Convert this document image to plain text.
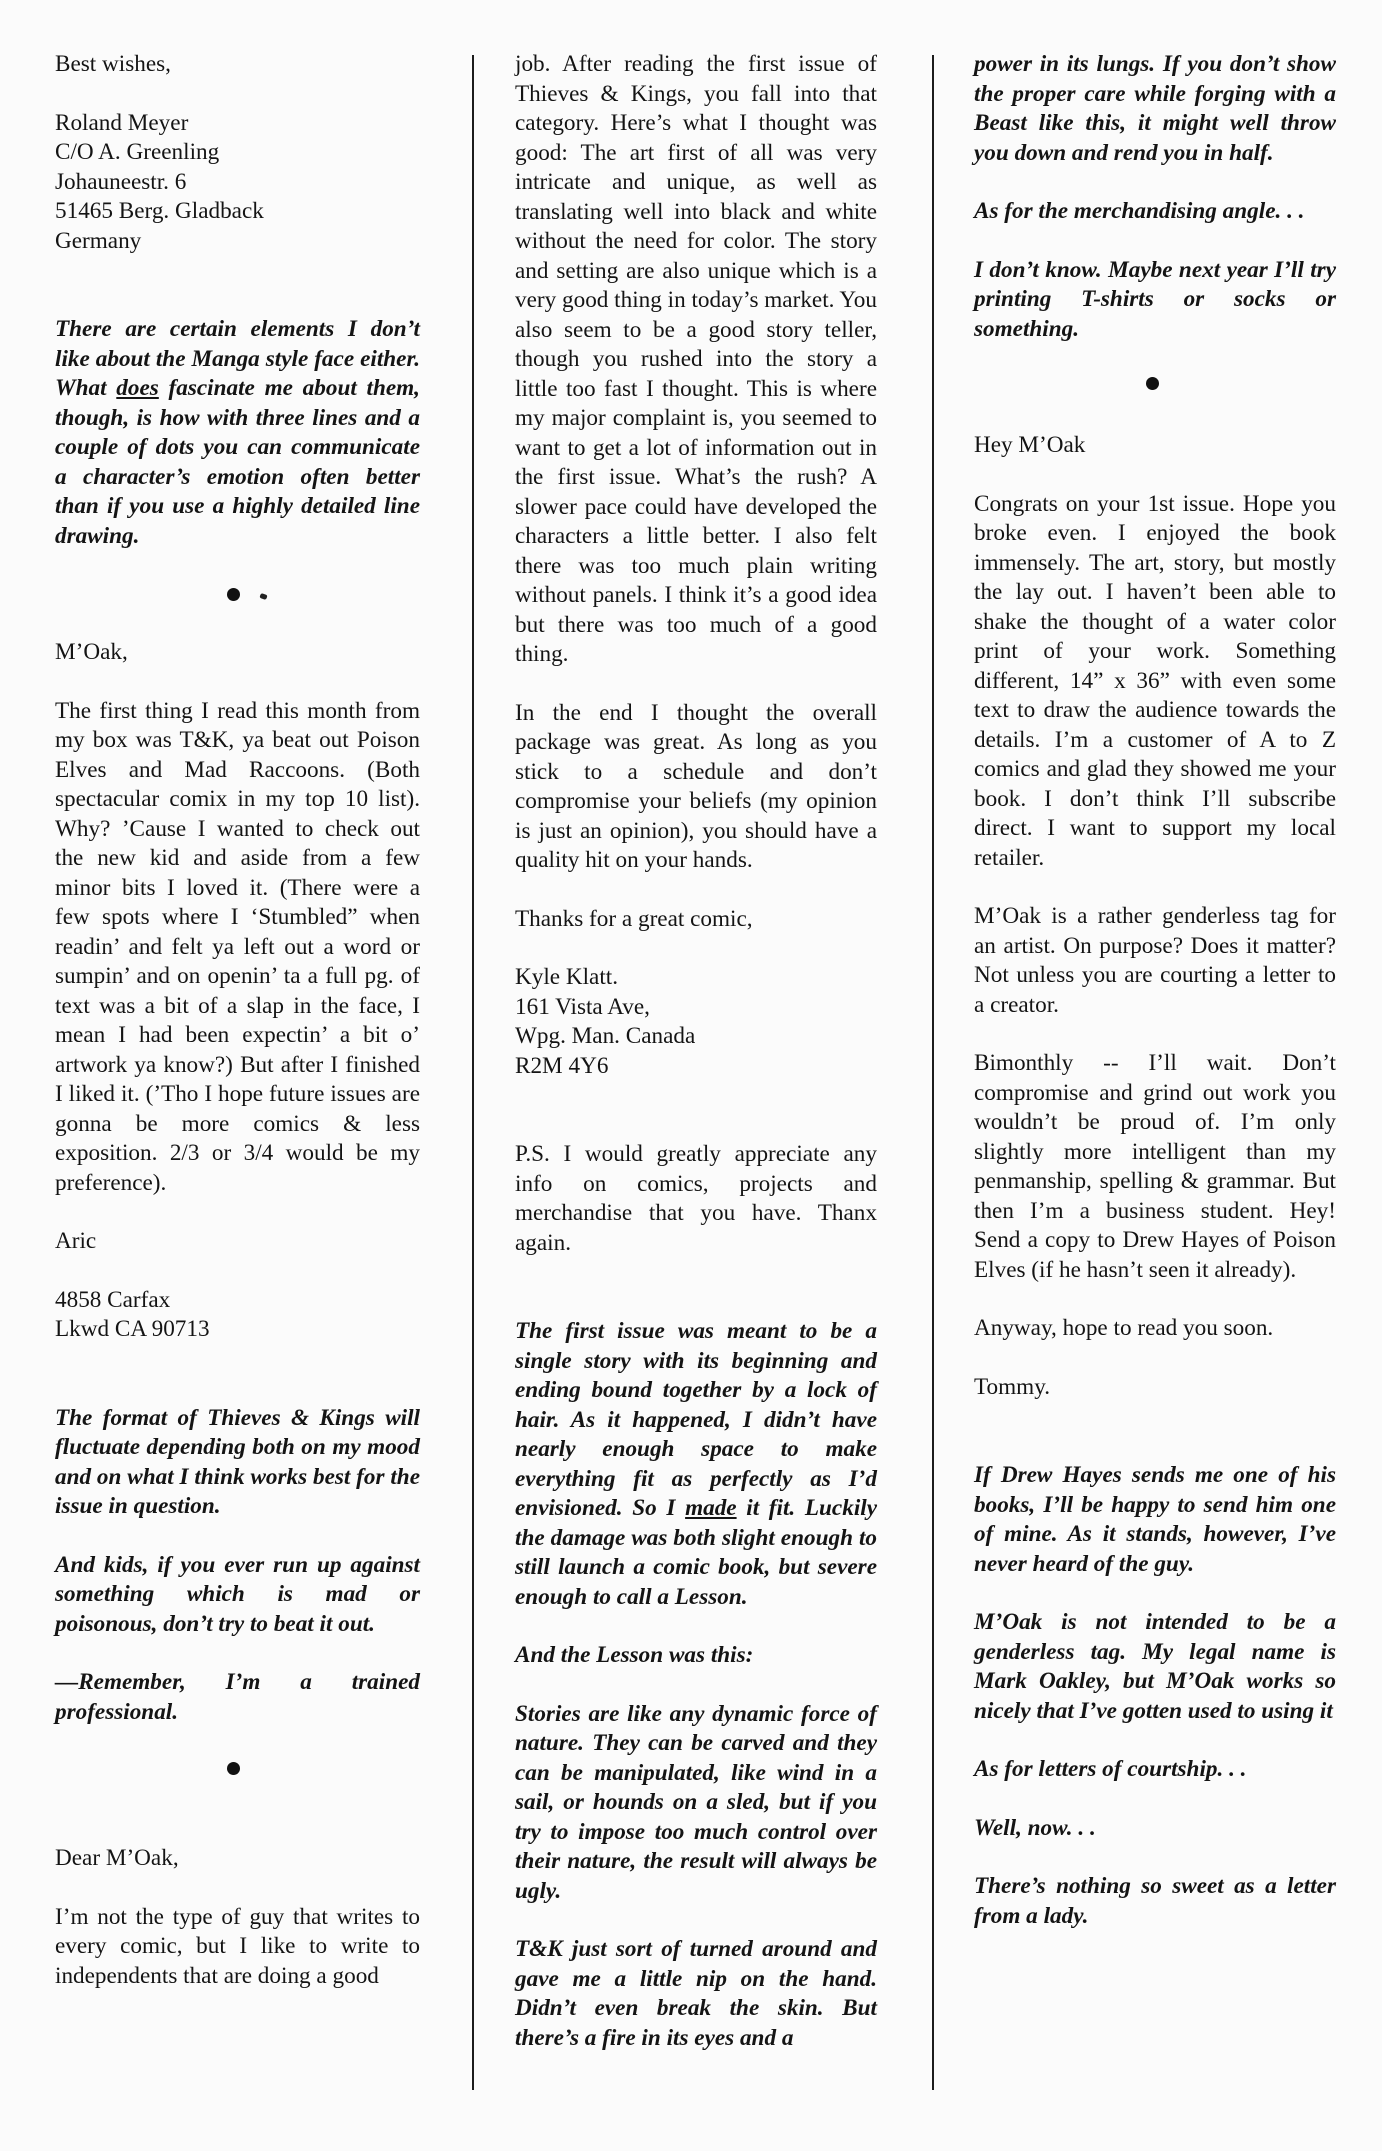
Best wishes,

Roland Meyer
C/O A. Greenling
Johauneestr. 6
51465 Berg. Gladback
Germany

There are certain elements I don’t like about the Manga style face either. What does fascinate me about them, though, is how with three lines and a couple of dots you can communicate a character’s emotion often better than if you use a highly detailed line drawing.

M’Oak,

The first thing I read this month from my box was T&K, ya beat out Poison Elves and Mad Raccoons. (Both spectacular comix in my top 10 list). Why? ’Cause I wanted to check out the new kid and aside from a few minor bits I loved it. (There were a few spots where I ‘Stumbled” when readin’ and felt ya left out a word or sumpin’ and on openin’ ta a full pg. of text was a bit of a slap in the face, I mean I had been expectin’ a bit o’ artwork ya know?) But after I finished I liked it. (’Tho I hope future issues are gonna be more comics & less exposition. 2/3 or 3/4 would be my preference).

Aric

4858 Carfax
Lkwd CA 90713

The format of Thieves & Kings will fluctuate depending both on my mood and on what I think works best for the issue in question.

And kids, if you ever run up against something which is mad or poisonous, don’t try to beat it out.

—Remember, I’m a trained professional.

Dear M’Oak,

I’m not the type of guy that writes to every comic, but I like to write to independents that are doing a good

job. After reading the first issue of Thieves & Kings, you fall into that category. Here’s what I thought was good: The art first of all was very intricate and unique, as well as translating well into black and white without the need for color. The story and setting are also unique which is a very good thing in today’s market. You also seem to be a good story teller, though you rushed into the story a little too fast I thought. This is where my major complaint is, you seemed to want to get a lot of information out in the first issue. What’s the rush? A slower pace could have developed the characters a little better. I also felt there was too much plain writing without panels. I think it’s a good idea but there was too much of a good thing.

In the end I thought the overall package was great. As long as you stick to a schedule and don’t compromise your beliefs (my opinion is just an opinion), you should have a quality hit on your hands.

Thanks for a great comic,

Kyle Klatt.
161 Vista Ave,
Wpg. Man. Canada
R2M 4Y6

P.S. I would greatly appreciate any info on comics, projects and merchandise that you have. Thanx again.

The first issue was meant to be a single story with its beginning and ending bound together by a lock of hair. As it happened, I didn’t have nearly enough space to make everything fit as perfectly as I’d envisioned. So I made it fit. Luckily the damage was both slight enough to still launch a comic book, but severe enough to call a Lesson.

And the Lesson was this:

Stories are like any dynamic force of nature. They can be carved and they can be manipulated, like wind in a sail, or hounds on a sled, but if you try to impose too much control over their nature, the result will always be ugly.

T&K just sort of turned around and gave me a little nip on the hand. Didn’t even break the skin. But there’s a fire in its eyes and a

power in its lungs. If you don’t show the proper care while forging with a Beast like this, it might well throw you down and rend you in half.

As for the merchandising angle. . .

I don’t know. Maybe next year I’ll try printing T-shirts or socks or something.

Hey M’Oak

Congrats on your 1st issue. Hope you broke even. I enjoyed the book immensely. The art, story, but mostly the lay out. I haven’t been able to shake the thought of a water color print of your work. Something different, 14” x 36” with even some text to draw the audience towards the details. I’m a customer of A to Z comics and glad they showed me your book. I don’t think I’ll subscribe direct. I want to support my local retailer.

M’Oak is a rather genderless tag for an artist. On purpose? Does it matter? Not unless you are courting a letter to a creator.

Bimonthly -- I’ll wait. Don’t compromise and grind out work you wouldn’t be proud of. I’m only slightly more intelligent than my penmanship, spelling & grammar. But then I’m a business student. Hey! Send a copy to Drew Hayes of Poison Elves (if he hasn’t seen it already).

Anyway, hope to read you soon.

Tommy.

If Drew Hayes sends me one of his books, I’ll be happy to send him one of mine. As it stands, however, I’ve never heard of the guy.

M’Oak is not intended to be a genderless tag. My legal name is Mark Oakley, but M’Oak works so nicely that I’ve gotten used to using it

As for letters of courtship. . .

Well, now. . .

There’s nothing so sweet as a letter from a lady.
